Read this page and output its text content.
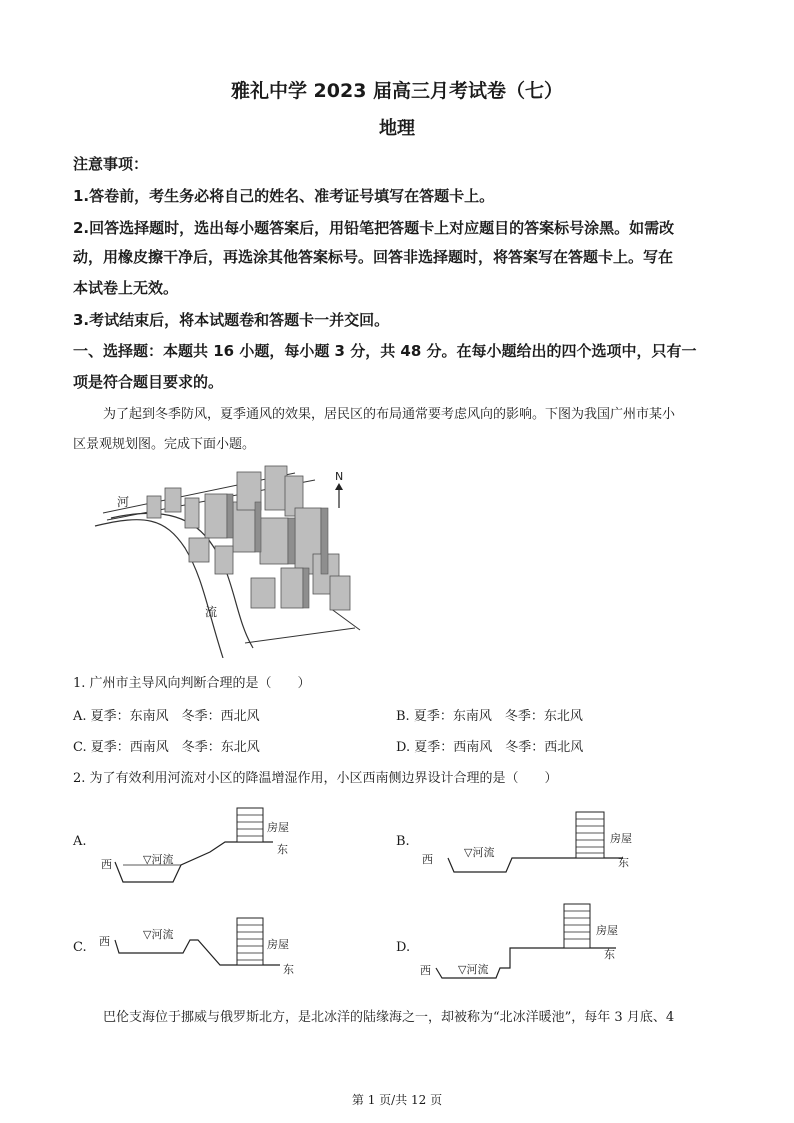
雅礼中学 2023 届高三月考试卷（七）
地理
注意事项：
1.答卷前，考生务必将自己的姓名、准考证号填写在答题卡上。
2.回答选择题时，选出每小题答案后，用铅笔把答题卡上对应题目的答案标号涂黑。如需改
动，用橡皮擦干净后，再选涂其他答案标号。回答非选择题时，将答案写在答题卡上。写在
本试卷上无效。
3.考试结束后，将本试题卷和答题卡一并交回。
一、选择题：本题共 16 小题，每小题 3 分，共 48 分。在每小题给出的四个选项中，只有一
项是符合题目要求的。
为了起到冬季防风，夏季通风的效果，居民区的布局通常要考虑风向的影响。下图为我国广州市某小
区景观规划图。完成下面小题。
河
流
N
1. 广州市主导风向判断合理的是（　　）
A. 夏季：东南风　冬季：西北风	B. 夏季：东南风　冬季：东北风
C. 夏季：西南风　冬季：东北风	D. 夏季：西南风　冬季：西北风
2. 为了有效利用河流对小区的降温增湿作用，小区西南侧边界设计合理的是（　　）
A.
西	▽河流
房屋
东
B.
西
▽河流
房屋
东
C. 西
▽河流
房屋
东
D.
西 ▽河流
房屋
东
巴伦支海位于挪威与俄罗斯北方，是北冰洋的陆缘海之一，却被称为“北冰洋暖池”，每年 3 月底、4
第 1 页/共 12 页
